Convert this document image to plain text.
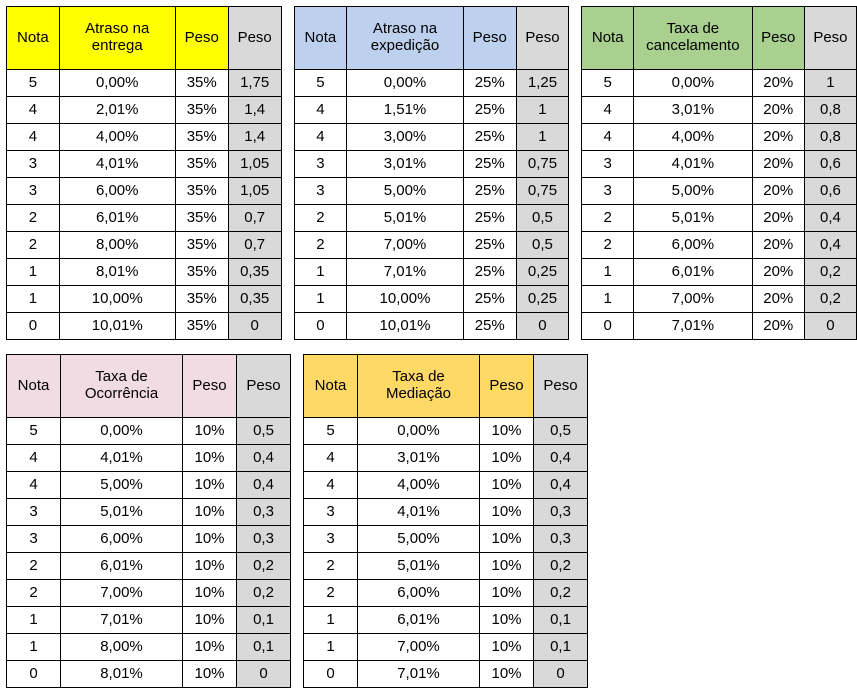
Nota	Atraso na entrega	Peso	Peso
5	0,00%	35%	1,75
4	2,01%	35%	1,4
4	4,00%	35%	1,4
3	4,01%	35%	1,05
3	6,00%	35%	1,05
2	6,01%	35%	0,7
2	8,00%	35%	0,7
1	8,01%	35%	0,35
1	10,00%	35%	0,35
0	10,01%	35%	0
Nota	Atraso na expedição	Peso	Peso
5	0,00%	25%	1,25
4	1,51%	25%	1
4	3,00%	25%	1
3	3,01%	25%	0,75
3	5,00%	25%	0,75
2	5,01%	25%	0,5
2	7,00%	25%	0,5
1	7,01%	25%	0,25
1	10,00%	25%	0,25
0	10,01%	25%	0
Nota	Taxa de cancelamento	Peso	Peso
5	0,00%	20%	1
4	3,01%	20%	0,8
4	4,00%	20%	0,8
3	4,01%	20%	0,6
3	5,00%	20%	0,6
2	5,01%	20%	0,4
2	6,00%	20%	0,4
1	6,01%	20%	0,2
1	7,00%	20%	0,2
0	7,01%	20%	0
Nota	Taxa de Ocorrência	Peso	Peso
5	0,00%	10%	0,5
4	4,01%	10%	0,4
4	5,00%	10%	0,4
3	5,01%	10%	0,3
3	6,00%	10%	0,3
2	6,01%	10%	0,2
2	7,00%	10%	0,2
1	7,01%	10%	0,1
1	8,00%	10%	0,1
0	8,01%	10%	0
Nota	Taxa de Mediação	Peso	Peso
5	0,00%	10%	0,5
4	3,01%	10%	0,4
4	4,00%	10%	0,4
3	4,01%	10%	0,3
3	5,00%	10%	0,3
2	5,01%	10%	0,2
2	6,00%	10%	0,2
1	6,01%	10%	0,1
1	7,00%	10%	0,1
0	7,01%	10%	0
